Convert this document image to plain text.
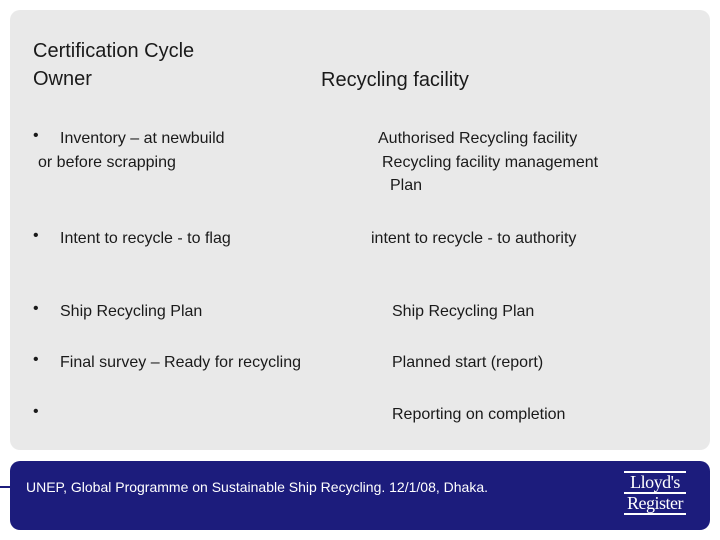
Certification Cycle
Owner	Recycling facility
• Inventory – at newbuild
or before scrapping
• Intent to recycle - to flag
• Ship Recycling Plan
• Final survey – Ready for recycling
•
Authorised Recycling facility
Recycling facility management
Plan
intent to recycle - to authority
Ship Recycling Plan
Planned start (report)
Reporting on completion
UNEP, Global Programme on Sustainable Ship Recycling. 12/1/08, Dhaka.	Lloyd's
Register
